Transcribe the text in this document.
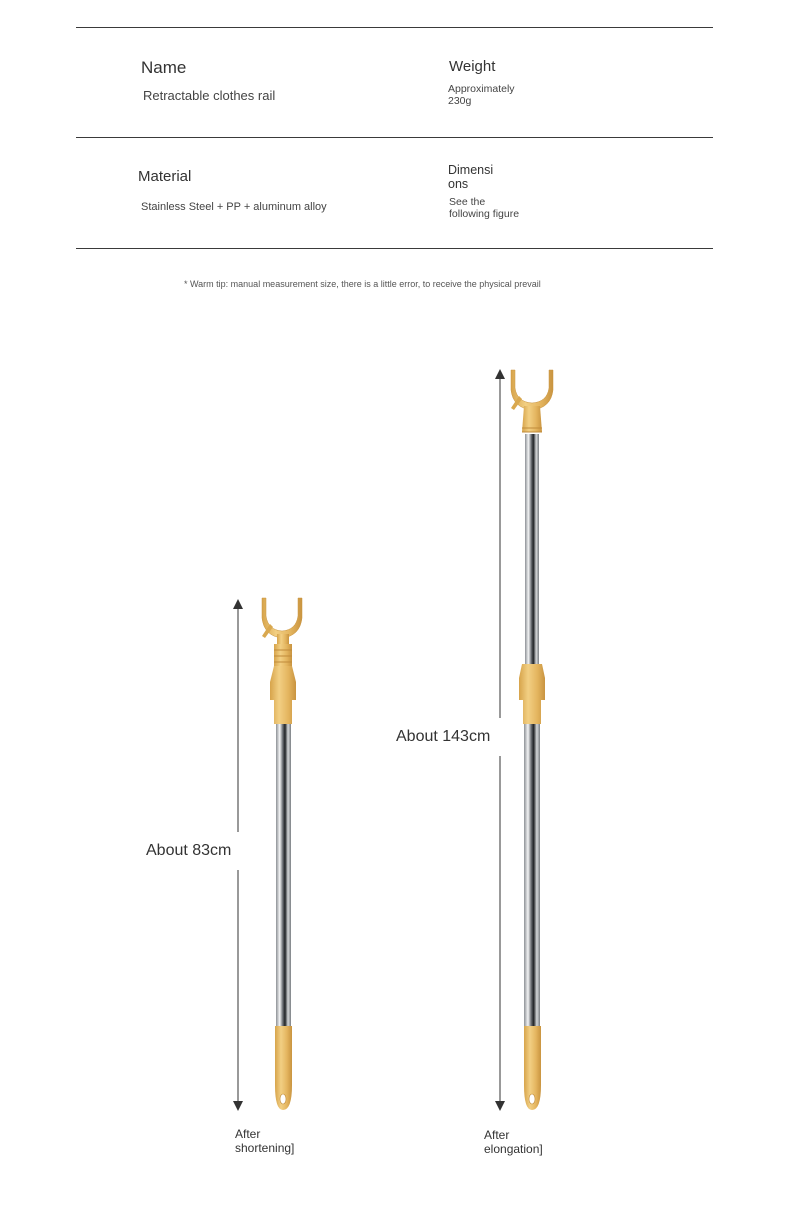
Name
Retractable clothes rail
Weight
Approximately
230g
Material
Stainless Steel + PP + aluminum alloy
Dimensi
ons
See the
following figure
* Warm tip: manual measurement size, there is a little error, to receive the physical prevail
About 83cm
After
shortening]
About 143cm
After
elongation]
